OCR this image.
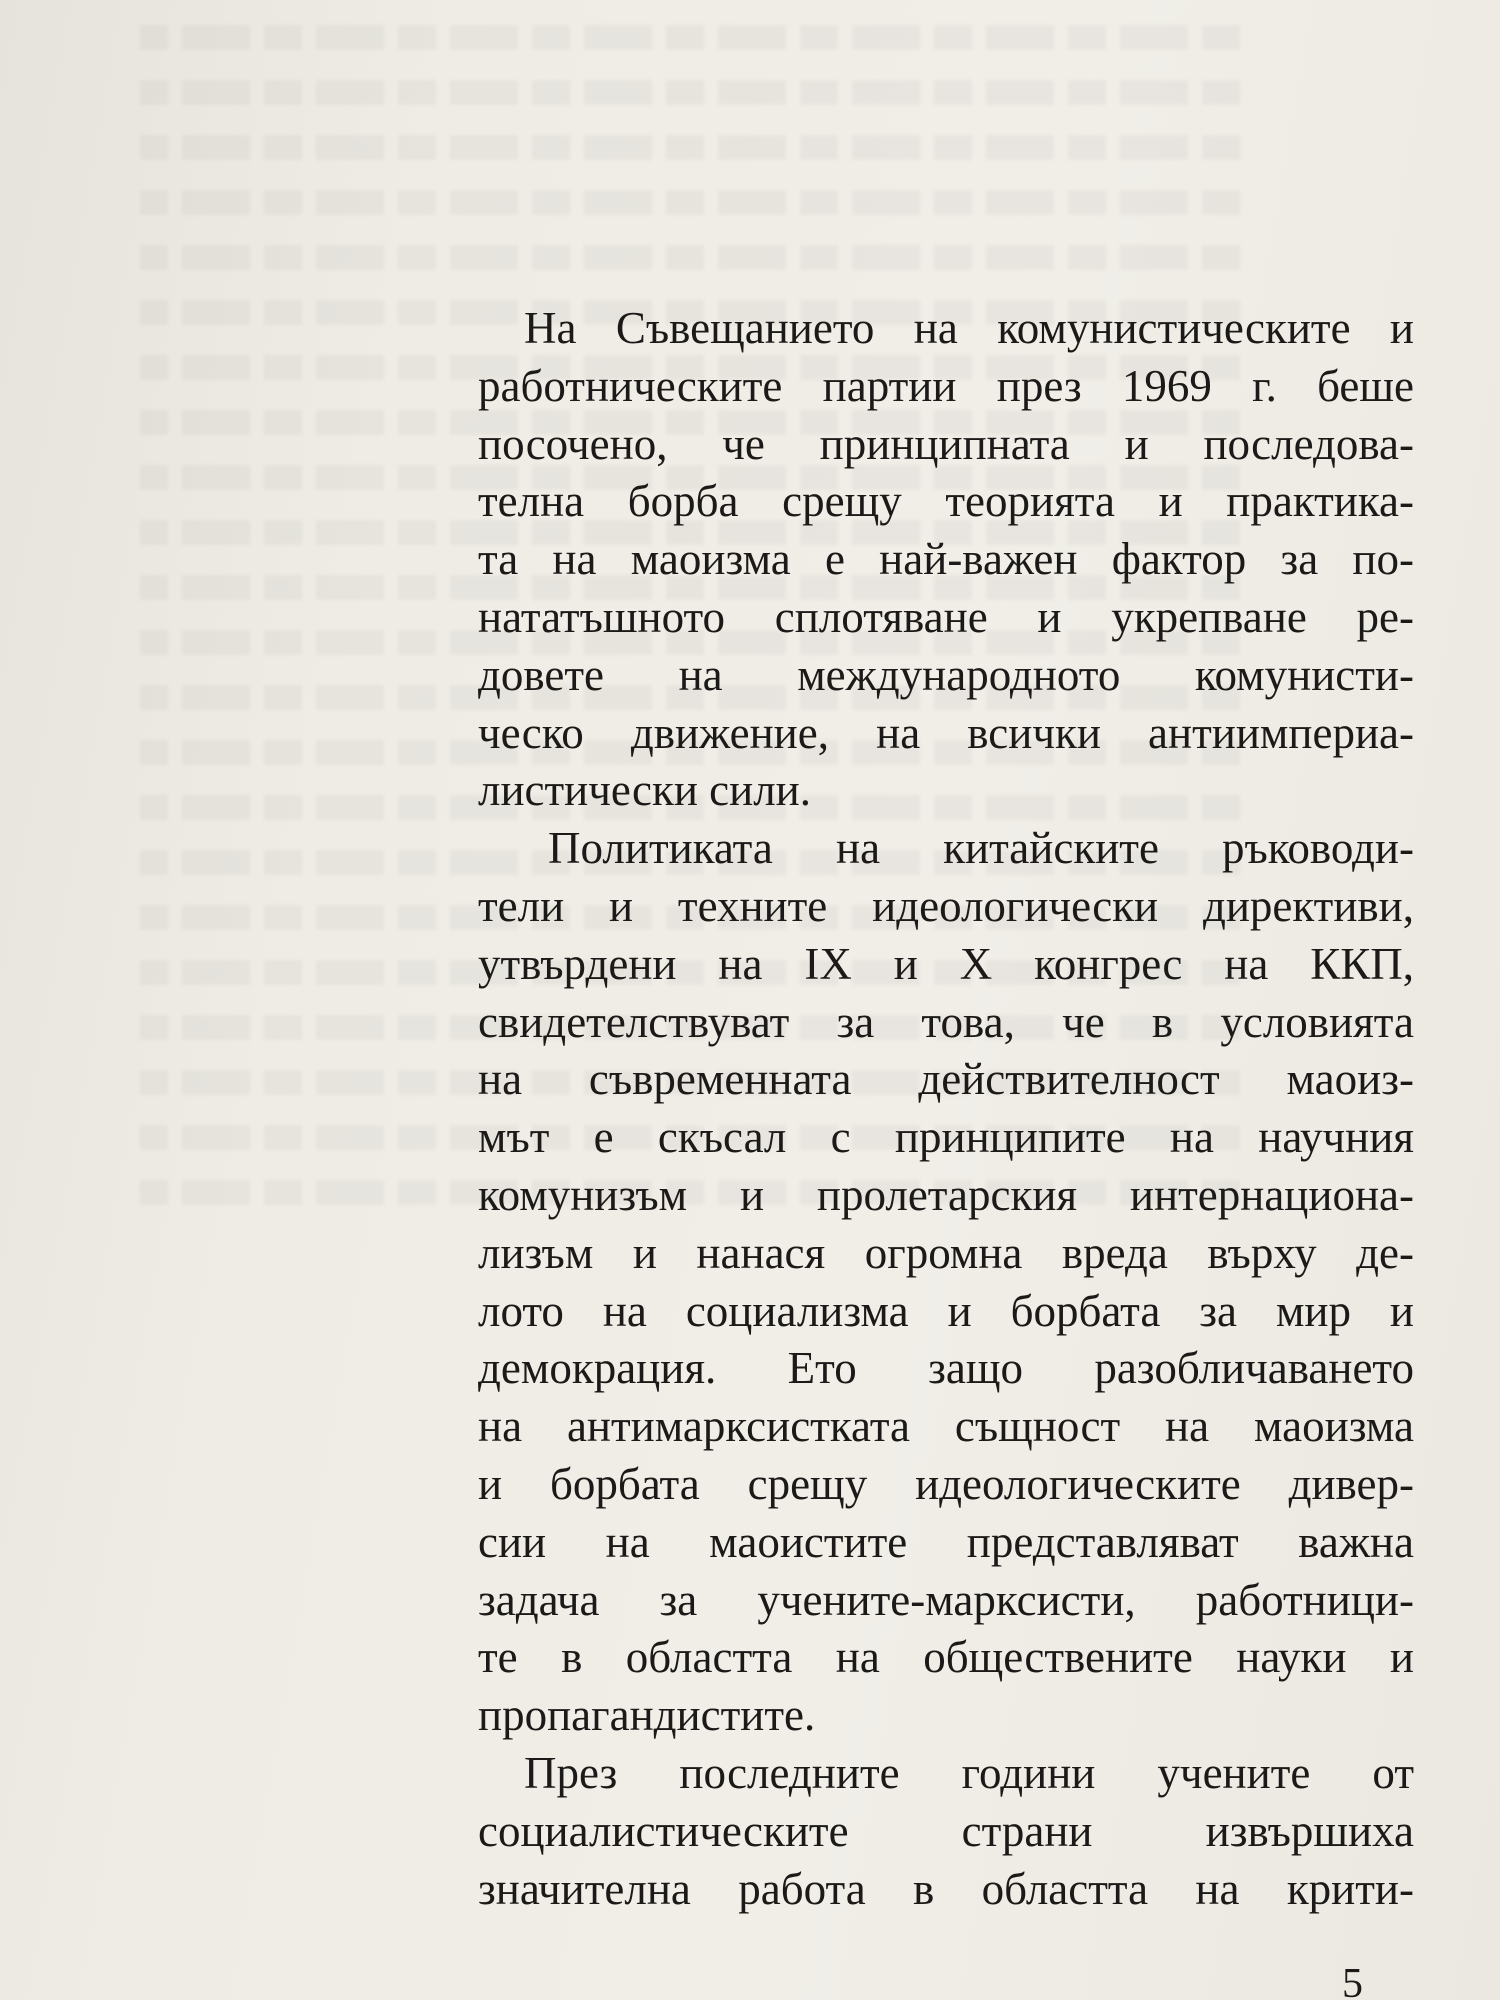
На Съвещанието на комунистическите и
работническите партии през 1969 г. беше
посочено, че принципната и последова-
телна борба срещу теорията и практика-
та на маоизма е най-важен фактор за по-
нататъшното сплотяване и укрепване ре-
довете на международното комунисти-
ческо движение, на всички антиимпериа-
листически сили.
Политиката на китайските ръководи-
тели и техните идеологически директиви,
утвърдени на IX и X конгрес на ККП,
свидетелствуват за това, че в условията
на съвременната действителност маоиз-
мът е скъсал с принципите на научния
комунизъм и пролетарския интернациона-
лизъм и нанася огромна вреда върху де-
лото на социализма и борбата за мир и
демокрация. Ето защо разобличаването
на антимарксистката същност на маоизма
и борбата срещу идеологическите дивер-
сии на маоистите представляват важна
задача за учените-марксисти, работници-
те в областта на обществените науки и
пропагандистите.
През последните години учените от
социалистическите страни извършиха
значителна работа в областта на крити-
5
